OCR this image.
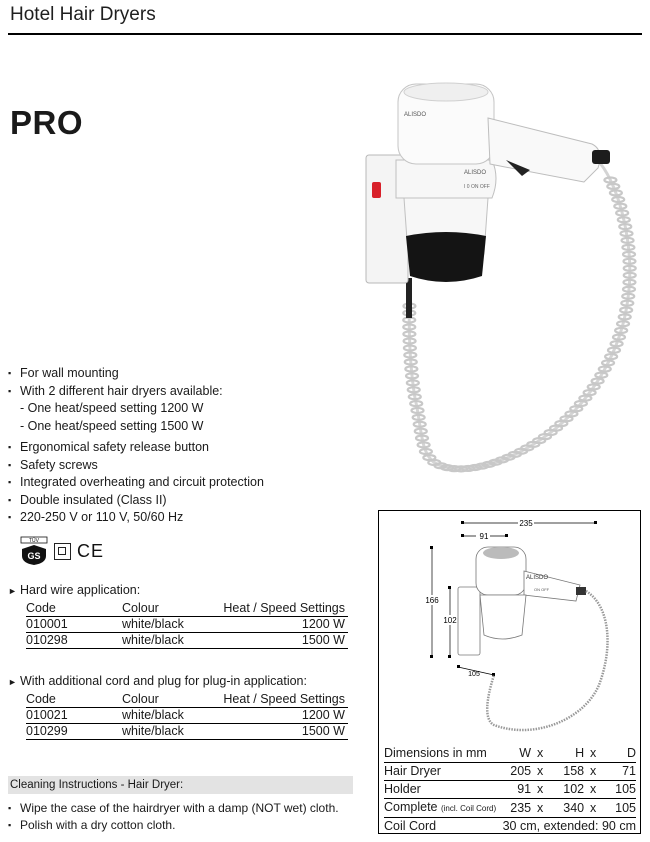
Hotel Hair Dryers
PRO	ALISDO
ALISDO
I 0 ON OFF
▪ For wall mounting
▪ With 2 different hair dryers available:
- One heat/speed setting 1200 W
- One heat/speed setting 1500 W
▪ Ergonomical safety release button
▪ Safety screws
▪ Integrated overheating and circuit protection
▪ Double insulated (Class II)
▪ 220-250 V or 110 V, 50/60 Hz
TÜV
GS CE
► Hard wire application:
Code	Colour	Heat / Speed Settings
010001	white/black	1200 W
010298	white/black	1500 W
► With additional cord and plug for plug-in application:
Code	Colour	Heat / Speed Settings
010021	white/black	1200 W
010299	white/black	1500 W
Cleaning Instructions - Hair Dryer:
▪ Wipe the case of the hairdryer with a damp (NOT wet) cloth.
▪ Polish with a dry cotton cloth.
235
91
166
102
105
ALISDO
ON OFF
Dimensions in mm	W	x	H	x	D
Hair Dryer	205	x	158	x	71
Holder	91	x	102	x	105
Complete (incl. Coil Cord)	235	x	340	x	105
Coil Cord	30 cm, extended: 90 cm				
